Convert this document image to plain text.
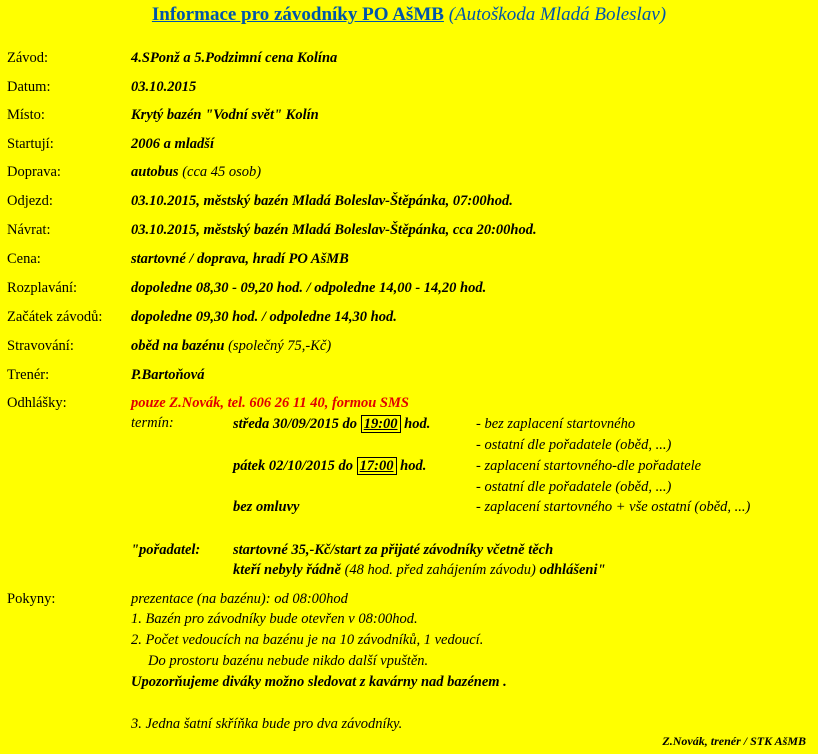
Informace pro závodníky PO AšMB (Autoškoda Mladá Boleslav)
Závod:	4.SPonž a 5.Podzimní cena Kolína
Datum:	03.10.2015
Místo:	Krytý bazén "Vodní svět" Kolín
Startují:	2006 a mladší
Doprava:	autobus (cca 45 osob)
Odjezd:	03.10.2015, městský bazén Mladá Boleslav-Štěpánka, 07:00hod.
Návrat:	03.10.2015, městský bazén Mladá Boleslav-Štěpánka, cca 20:00hod.
Cena:	startovné / doprava, hradí PO AšMB
Rozplavání:	dopoledne 08,30 - 09,20 hod. / odpoledne 14,00 - 14,20 hod.
Začátek závodů: dopoledne 09,30 hod. / odpoledne 14,30 hod.
Stravování:	oběd na bazénu (společný 75,-Kč)
Trenér:	P.Bartoňová
Odhlášky:	pouze Z.Novák, tel. 606 26 11 40, formou SMS
termín:	středa 30/09/2015 do 19:00 hod.	- bez zaplacení startovného
- ostatní dle pořadatele (oběd, ...)
pátek 02/10/2015 do 17:00 hod.	- zaplacení startovného-dle pořadatele
- ostatní dle pořadatele (oběd, ...)
bez omluvy	- zaplacení startovného + vše ostatní (oběd, ...)
"pořadatel: startovné 35,-Kč/start za přijaté závodníky včetně těch
kteří nebyly řádně (48 hod. před zahájením závodu) odhlášeni"
Pokyny:	prezentace (na bazénu): od 08:00hod
1. Bazén pro závodníky bude otevřen v 08:00hod.
2. Počet vedoucích na bazénu je na 10 závodníků, 1 vedoucí.
Do prostoru bazénu nebude nikdo další vpuštěn.
Upozorňujeme diváky možno sledovat z kavárny nad bazénem .
3. Jedna šatní skříňka bude pro dva závodníky.
Z.Novák, trenér / STK AšMB
